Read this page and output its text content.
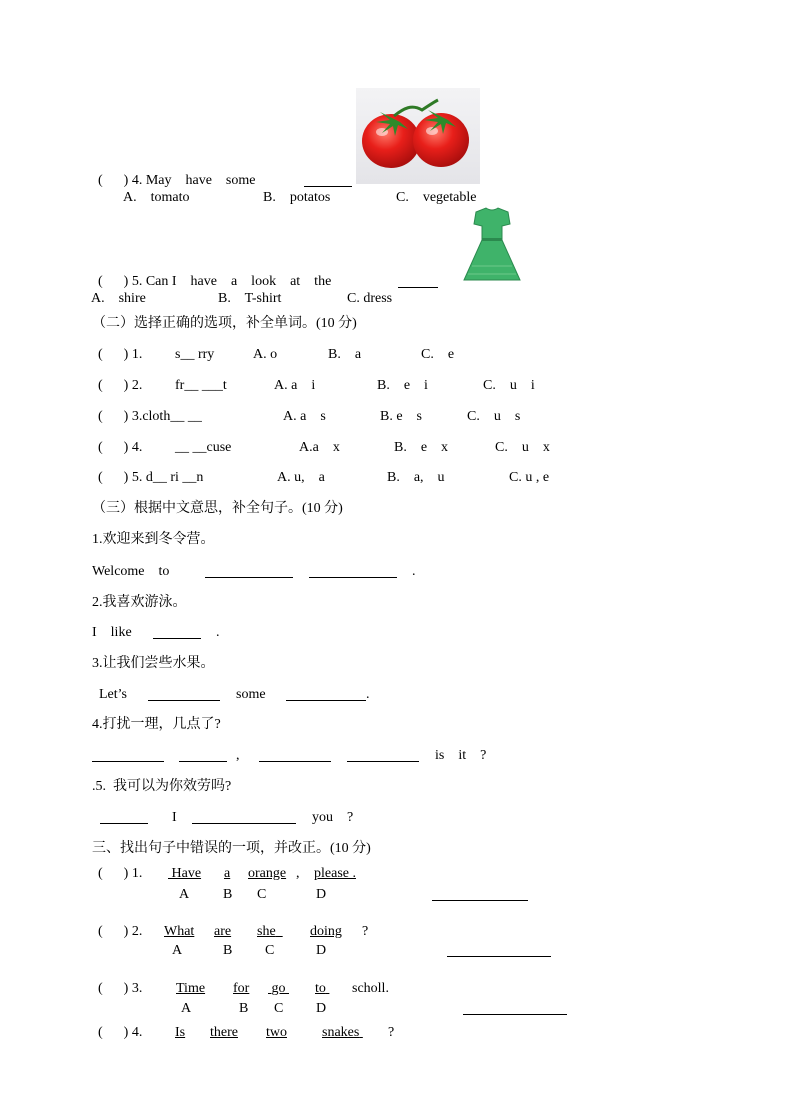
(      ) 4. May    have    some
A.    tomato	B.    potatos	C.    vegetable
(      ) 5. Can I    have    a    look    at    the
A.    shire	B.    T-shirt	C. dress
（二）选择正确的选项，补全单词。(10 分)
(      ) 1. s__ rry	A. o	B.    a	C.    e
(      ) 2. fr__ ___t	A. a    i	B.    e    i	C.    u    i
(      ) 3.cloth__ __	A. a    s	B. e    s	C.    u    s
(      ) 4. __ __cuse	A.a    x	B.    e    x	C.    u    x
(      ) 5. d__ ri __n	A. u,    a	B.    a,    u	C. u , e
（三）根据中文意思，补全句子。(10 分)
1.欢迎来到冬令营。
Welcome    to	.
2.我喜欢游泳。
I    like	.
3.让我们尝些水果。
Let’s	some	.
4.打扰一理，几点了?
,	is    it    ?
.5.  我可以为你效劳吗?
I	you    ?
三、找出句子中错误的一项，并改正。(10 分)
(      ) 1. Have a orange , please .
A B C	D
(      ) 2. What are she	doing ?
A	B C	D
(      ) 3. Time for go to scholl.
A	B C D
(      ) 4. Is there two	snakes ?
